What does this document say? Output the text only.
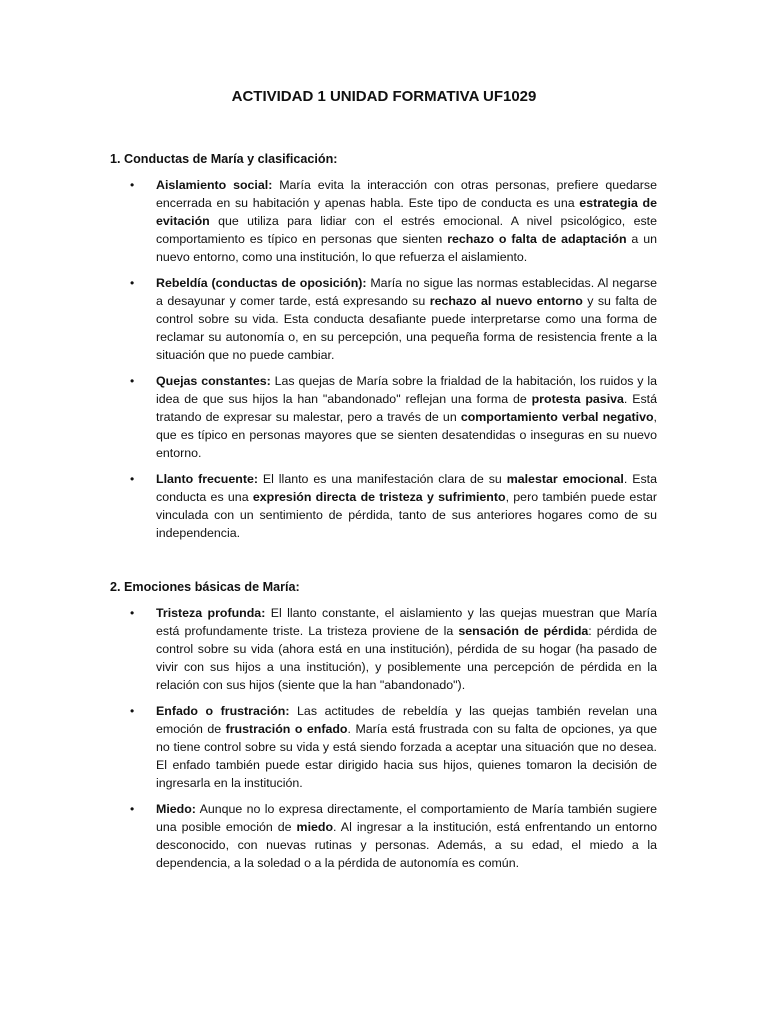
ACTIVIDAD 1 UNIDAD FORMATIVA UF1029
1. Conductas de María y clasificación:
• Aislamiento social: María evita la interacción con otras personas, prefiere quedarse encerrada en su habitación y apenas habla. Este tipo de conducta es una estrategia de evitación que utiliza para lidiar con el estrés emocional. A nivel psicológico, este comportamiento es típico en personas que sienten rechazo o falta de adaptación a un nuevo entorno, como una institución, lo que refuerza el aislamiento.
• Rebeldía (conductas de oposición): María no sigue las normas establecidas. Al negarse a desayunar y comer tarde, está expresando su rechazo al nuevo entorno y su falta de control sobre su vida. Esta conducta desafiante puede interpretarse como una forma de reclamar su autonomía o, en su percepción, una pequeña forma de resistencia frente a la situación que no puede cambiar.
• Quejas constantes: Las quejas de María sobre la frialdad de la habitación, los ruidos y la idea de que sus hijos la han "abandonado" reflejan una forma de protesta pasiva. Está tratando de expresar su malestar, pero a través de un comportamiento verbal negativo, que es típico en personas mayores que se sienten desatendidas o inseguras en su nuevo entorno.
• Llanto frecuente: El llanto es una manifestación clara de su malestar emocional. Esta conducta es una expresión directa de tristeza y sufrimiento, pero también puede estar vinculada con un sentimiento de pérdida, tanto de sus anteriores hogares como de su independencia.
2. Emociones básicas de María:
• Tristeza profunda: El llanto constante, el aislamiento y las quejas muestran que María está profundamente triste. La tristeza proviene de la sensación de pérdida: pérdida de control sobre su vida (ahora está en una institución), pérdida de su hogar (ha pasado de vivir con sus hijos a una institución), y posiblemente una percepción de pérdida en la relación con sus hijos (siente que la han "abandonado").
• Enfado o frustración: Las actitudes de rebeldía y las quejas también revelan una emoción de frustración o enfado. María está frustrada con su falta de opciones, ya que no tiene control sobre su vida y está siendo forzada a aceptar una situación que no desea. El enfado también puede estar dirigido hacia sus hijos, quienes tomaron la decisión de ingresarla en la institución.
• Miedo: Aunque no lo expresa directamente, el comportamiento de María también sugiere una posible emoción de miedo. Al ingresar a la institución, está enfrentando un entorno desconocido, con nuevas rutinas y personas. Además, a su edad, el miedo a la dependencia, a la soledad o a la pérdida de autonomía es común.
